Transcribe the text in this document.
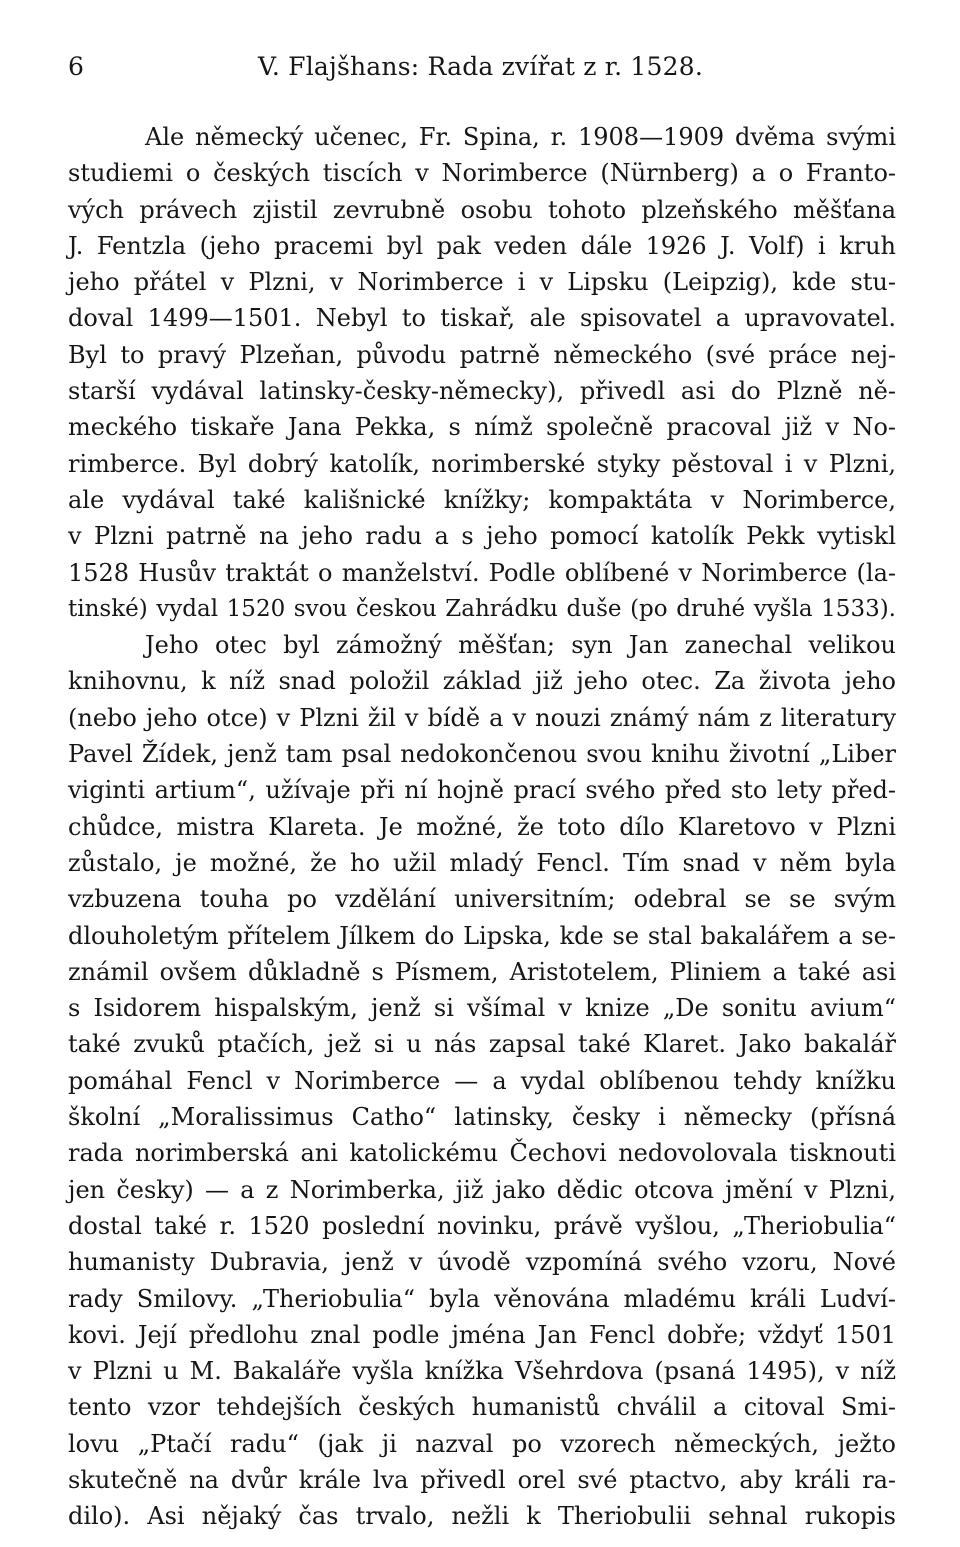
6	V. Flajšhans: Rada zvířat z r. 1528.
Ale německý učenec, Fr. Spina, r. 1908—1909 dvěma svými
studiemi o českých tiscích v Norimberce (Nürnberg) a o Franto-
vých právech zjistil zevrubně osobu tohoto plzeňského měšťana
J. Fentzla (jeho pracemi byl pak veden dále 1926 J. Volf) i kruh
jeho přátel v Plzni, v Norimberce i v Lipsku (Leipzig), kde stu-
doval 1499—1501. Nebyl to tiskař, ale spisovatel a upravovatel.
Byl to pravý Plzeňan, původu patrně německého (své práce nej-
starší vydával latinsky-česky-německy), přivedl asi do Plzně ně-
meckého tiskaře Jana Pekka, s nímž společně pracoval již v No-
rimberce. Byl dobrý katolík, norimberské styky pěstoval i v Plzni,
ale vydával také kališnické knížky; kompaktáta v Norimberce,
v Plzni patrně na jeho radu a s jeho pomocí katolík Pekk vytiskl
1528 Husův traktát o manželství. Podle oblíbené v Norimberce (la-
tinské) vydal 1520 svou českou Zahrádku duše (po druhé vyšla 1533).
Jeho otec byl zámožný měšťan; syn Jan zanechal velikou
knihovnu, k níž snad položil základ již jeho otec. Za života jeho
(nebo jeho otce) v Plzni žil v bídě a v nouzi známý nám z literatury
Pavel Žídek, jenž tam psal nedokončenou svou knihu životní „Liber
viginti artium“, užívaje při ní hojně prací svého před sto lety před-
chůdce, mistra Klareta. Je možné, že toto dílo Klaretovo v Plzni
zůstalo, je možné, že ho užil mladý Fencl. Tím snad v něm byla
vzbuzena touha po vzdělání universitním; odebral se se svým
dlouholetým přítelem Jílkem do Lipska, kde se stal bakalářem a se-
známil ovšem důkladně s Písmem, Aristotelem, Pliniem a také asi
s Isidorem hispalským, jenž si všímal v knize „De sonitu avium“
také zvuků ptačích, jež si u nás zapsal také Klaret. Jako bakalář
pomáhal Fencl v Norimberce — a vydal oblíbenou tehdy knížku
školní „Moralissimus Catho“ latinsky, česky i německy (přísná
rada norimberská ani katolickému Čechovi nedovolovala tisknouti
jen česky) — a z Norimberka, již jako dědic otcova jmění v Plzni,
dostal také r. 1520 poslední novinku, právě vyšlou, „Theriobulia“
humanisty Dubravia, jenž v úvodě vzpomíná svého vzoru, Nové
rady Smilovy. „Theriobulia“ byla věnována mladému králi Ludví-
kovi. Její předlohu znal podle jména Jan Fencl dobře; vždyť 1501
v Plzni u M. Bakaláře vyšla knížka Všehrdova (psaná 1495), v níž
tento vzor tehdejších českých humanistů chválil a citoval Smi-
lovu „Ptačí radu“ (jak ji nazval po vzorech německých, ježto
skutečně na dvůr krále lva přivedl orel své ptactvo, aby králi ra-
dilo). Asi nějaký čas trvalo, nežli k Theriobulii sehnal rukopis
